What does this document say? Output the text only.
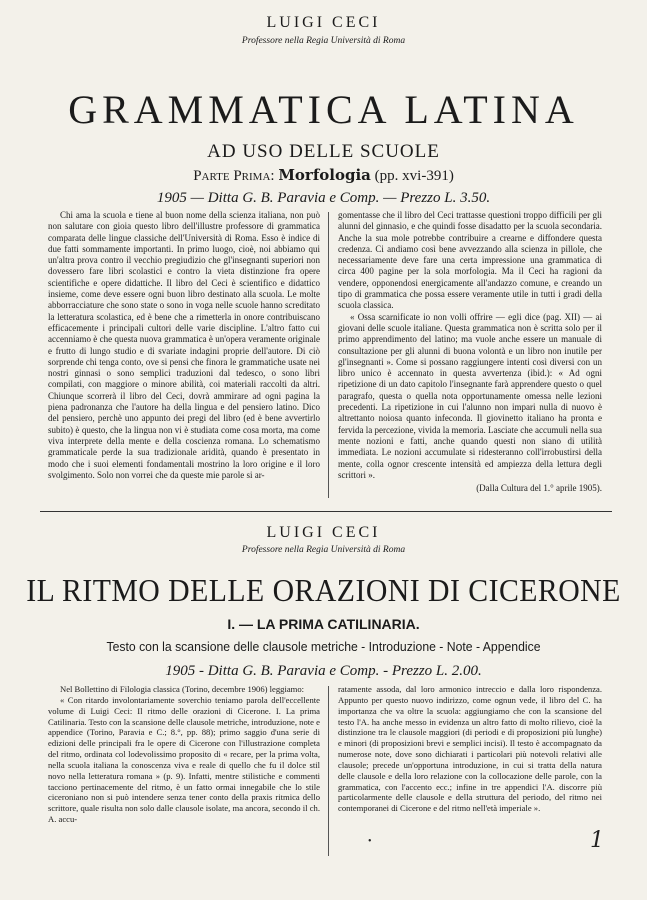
LUIGI CECI
Professore nella Regia Università di Roma
GRAMMATICA LATINA
AD USO DELLE SCUOLE
Parte Prima: Morfologia (pp. xvi-391)
1905 — Ditta G. B. Paravia e Comp. — Prezzo L. 3.50.

Chi ama la scuola e tiene al buon nome della scienza italiana, non può non salutare con gioia questo libro dell'illustre professore di grammatica comparata delle lingue classiche dell'Università di Roma. Esso è indice di due fatti sommamente importanti. In primo luogo, cioè, noi abbiamo qui un'altra prova contro il vecchio pregiudizio che gl'insegnanti superiori non dovessero fare libri scolastici e contro la vieta distinzione fra opere scientifiche e opere didattiche. Il libro del Ceci è scientifico e didattico insieme, come deve essere ogni buon libro destinato alla scuola. Le molte abborracciature che sono state o sono in voga nelle scuole hanno screditato la letteratura scolastica, ed è bene che a rimetterla in onore contribuiscano efficacemente i principali cultori delle varie discipline. L'altro fatto cui accenniamo è che questa nuova grammatica è un'opera veramente originale e frutto di lungo studio e di svariate indagini proprie dell'autore. Di ciò sorprende chi tenga conto, ove si pensi che finora le grammatiche usate nei nostri ginnasi o sono semplici traduzioni dal tedesco, o sono libri compilati, con maggiore o minore abilità, coi materiali raccolti da altri. Chiunque scorrerà il libro del Ceci, dovrà ammirare ad ogni pagina la piena padronanza che l'autore ha della lingua e del pensiero latino. Dico del pensiero, perchè uno appunto dei pregi del libro (ed è bene avvertirlo subito) è questo, che la lingua non vi è studiata come cosa morta, ma come viva interprete della mente e della coscienza romana. Lo schematismo grammaticale perde la sua tradizionale aridità, quando è presentato in modo che i suoi elementi fondamentali mostrino la loro origine e il loro svolgimento. Solo non vorrei che da queste mie parole si ar-

gomentasse che il libro del Ceci trattasse questioni troppo difficili per gli alunni del ginnasio, e che quindi fosse disadatto per la scuola secondaria. Anche la sua mole potrebbe contribuire a crearne e diffondere questa credenza. Ci andiamo così bene avvezzando alla scienza in pillole, che necessariamente deve fare una certa impressione una grammatica di circa 400 pagine per la sola morfologia. Ma il Ceci ha ragioni da vendere, opponendosi energicamente all'andazzo comune, e creando un tipo di grammatica che possa essere veramente utile in tutti i gradi della scuola classica.

« Ossa scarnificate io non volli offrire — egli dice (pag. XII) — ai giovani delle scuole italiane. Questa grammatica non è scritta solo per il primo apprendimento del latino; ma vuole anche essere un manuale di consultazione per gli alunni di buona volontà e un libro non inutile per gl'insegnanti ». Come si possano raggiungere intenti così diversi con un libro unico è accennato in questa avvertenza (ibid.): « Ad ogni ripetizione di un dato capitolo l'insegnante farà apprendere questo o quel paragrafo, questa o quella nota opportunamente omessa nelle lezioni precedenti. La ripetizione in cui l'alunno non impari nulla di nuovo è altrettanto noiosa quanto infeconda. Il giovinetto italiano ha pronta e fervida la percezione, vivida la memoria. Lasciate che accumuli nella sua mente nozioni e fatti, anche quando questi non siano di utilità immediata. Le nozioni accumulate si ridesteranno coll'irrobustirsi della mente, colla ognor crescente intensità ed ampiezza della lettura degli scrittori ».

(Dalla Cultura del 1.° aprile 1905).

LUIGI CECI
Professore nella Regia Università di Roma
IL RITMO DELLE ORAZIONI DI CICERONE
I. — LA PRIMA CATILINARIA.
Testo con la scansione delle clausole metriche - Introduzione - Note - Appendice
1905 - Ditta G. B. Paravia e Comp. - Prezzo L. 2.00.

Nel Bollettino di Filologia classica (Torino, decembre 1906) leggiamo:

« Con ritardo involontariamente soverchio teniamo parola dell'eccellente volume di Luigi Ceci: Il ritmo delle orazioni di Cicerone. I. La prima Catilinaria. Testo con la scansione delle clausole metriche, introduzione, note e appendice (Torino, Paravia e C.; 8.°, pp. 88); primo saggio d'una serie di edizioni delle principali fra le opere di Cicerone con l'illustrazione completa del ritmo, ordinata col lodevolissimo proposito di « recare, per la prima volta, nella scuola italiana la conoscenza viva e reale di quello che fu il dolce stil novo nella letteratura romana » (p. 9). Infatti, mentre stilistiche e commenti tacciono pertinacemente del ritmo, è un fatto ormai innegabile che lo stile ciceroniano non si può intendere senza tener conto della praxis ritmica dello scrittore, quale risulta non solo dalle clausole isolate, ma ancora, secondo il ch. A. accu-

ratamente assoda, dal loro armonico intreccio e dalla loro rispondenza. Appunto per questo nuovo indirizzo, come ognun vede, il libro del C. ha importanza che va oltre la scuola: aggiungiamo che con la scansione del testo l'A. ha anche messo in evidenza un altro fatto di molto rilievo, cioè la distinzione tra le clausole maggiori (di periodi e di proposizioni più lunghe) e minori (di proposizioni brevi e semplici incisi). Il testo è accompagnato da numerose note, dove sono dichiarati i particolari più notevoli relativi alle clausole; precede un'opportuna introduzione, in cui si tratta della natura delle clausole e della loro relazione con la collocazione delle parole, con la grammatica, con l'accento ecc.; infine in tre appendici l'A. discorre più particolarmente delle clausole e della struttura del periodo, del ritmo nei contemporanei di Cicerone e del ritmo nell'età imperiale ».

•	1
